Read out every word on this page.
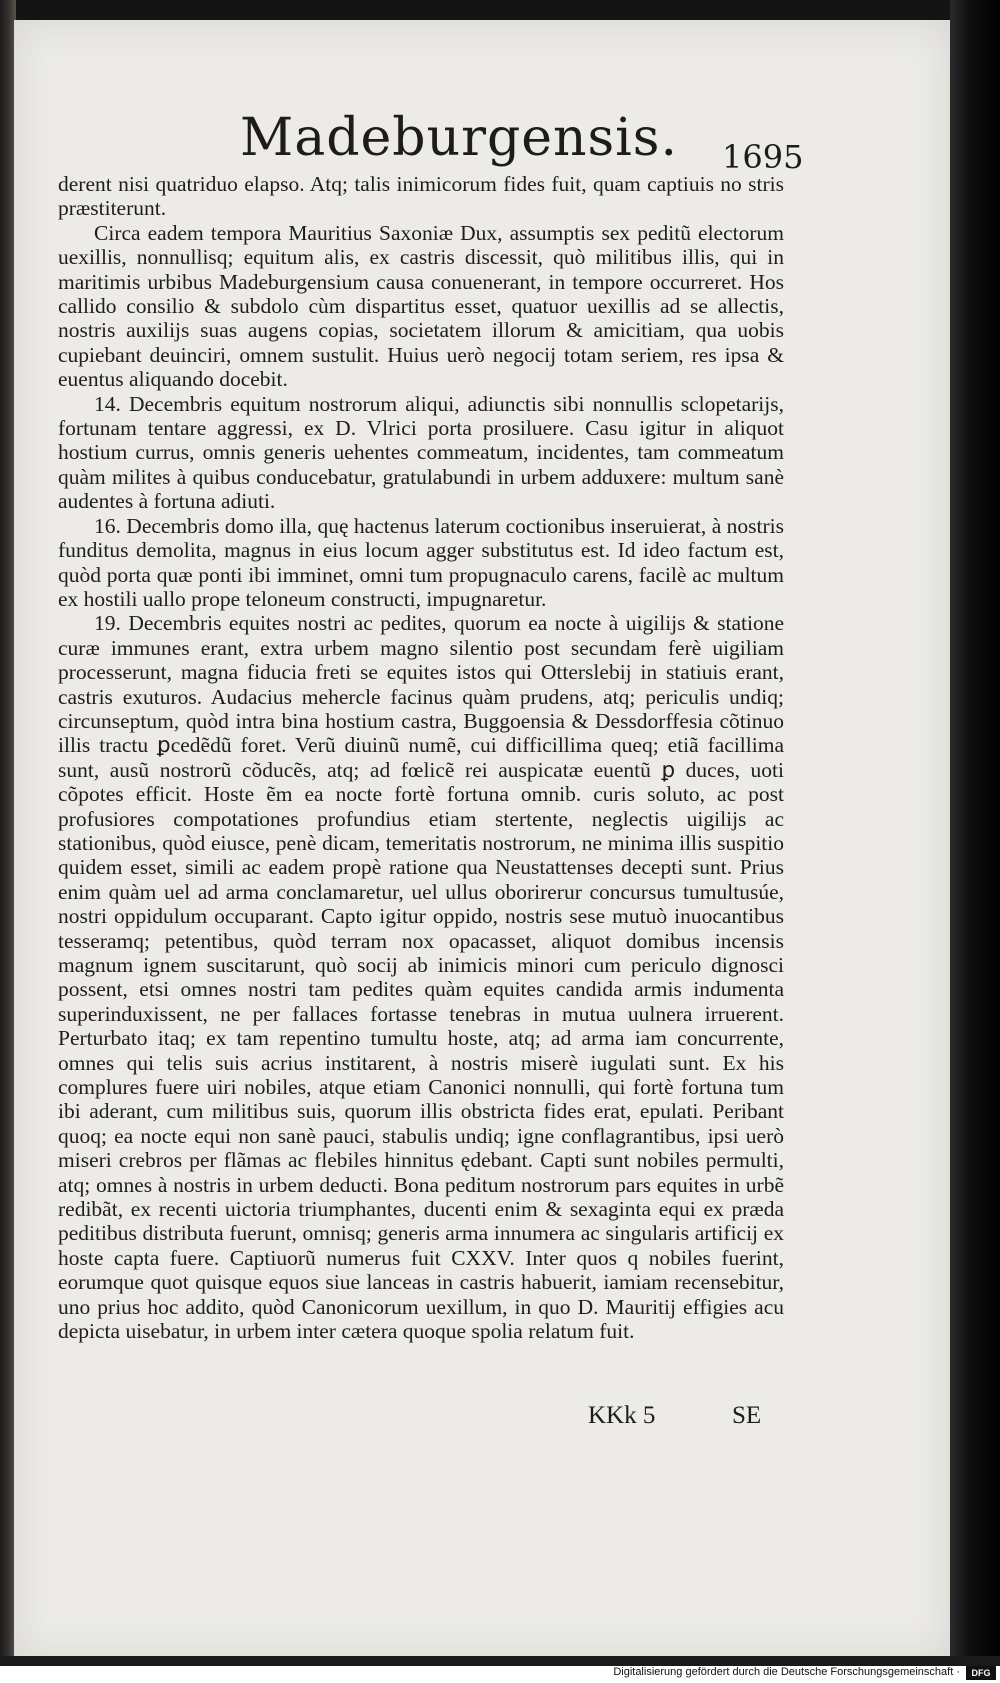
Madeburgensis. 1695

derent nisi quatriduo elapso. Atq; talis inimicorum fides fuit, quam captiuis no stris præstiterunt.

Circa eadem tempora Mauritius Saxoniæ Dux, assumptis sex peditũ electorum uexillis, nonnullisq; equitum alis, ex castris discessit, quò militibus illis, qui in maritimis urbibus Madeburgensium causa conuenerant, in tempore occurreret. Hos callido consilio & subdolo cùm dispartitus esset, quatuor uexillis ad se allectis, nostris auxilijs suas augens copias, societatem illorum & amicitiam, qua uobis cupiebant deuinciri, omnem sustulit. Huius uerò negocij totam seriem, res ipsa & euentus aliquando docebit.

14. Decembris equitum nostrorum aliqui, adiunctis sibi nonnullis sclopetarijs, fortunam tentare aggressi, ex D. Vlrici porta prosiluere. Casu igitur in aliquot hostium currus, omnis generis uehentes commeatum, incidentes, tam commeatum quàm milites à quibus conducebatur, gratulabundi in urbem adduxere: multum sanè audentes à fortuna adiuti.

16. Decembris domo illa, quę hactenus laterum coctionibus inseruierat, à nostris funditus demolita, magnus in eius locum agger substitutus est. Id ideo factum est, quòd porta quæ ponti ibi imminet, omni tum propugnaculo carens, facilè ac multum ex hostili uallo prope teloneum constructi, impugnaretur.

19. Decembris equites nostri ac pedites, quorum ea nocte à uigilijs & statione curæ immunes erant, extra urbem magno silentio post secundam ferè uigiliam processerunt, magna fiducia freti se equites istos qui Otterslebij in statiuis erant, castris exuturos. Audacius mehercle facinus quàm prudens, atq; periculis undiq; circunseptum, quòd intra bina hostium castra, Buggoensia & Dessdorffesia cõtinuo illis tractu ꝑcedẽdũ foret. Verũ diuinũ numẽ, cui difficillima queq; etiã facillima sunt, ausũ nostrorũ cõducẽs, atq; ad fœlicẽ rei auspicatæ euentũ ꝑ duces, uoti cõpotes efficit. Hoste ẽm ea nocte fortè fortuna omnib. curis soluto, ac post profusiores compotationes profundius etiam stertente, neglectis uigilijs ac stationibus, quòd eiusce, penè dicam, temeritatis nostrorum, ne minima illis suspitio quidem esset, simili ac eadem propè ratione qua Neustattenses decepti sunt. Prius enim quàm uel ad arma conclamaretur, uel ullus oborirerur concursus tumultusúe, nostri oppidulum occuparant. Capto igitur oppido, nostris sese mutuò inuocantibus tesseramq; petentibus, quòd terram nox opacasset, aliquot domibus incensis magnum ignem suscitarunt, quò socij ab inimicis minori cum periculo dignosci possent, etsi omnes nostri tam pedites quàm equites candida armis indumenta superinduxissent, ne per fallaces fortasse tenebras in mutua uulnera irruerent. Perturbato itaq; ex tam repentino tumultu hoste, atq; ad arma iam concurrente, omnes qui telis suis acrius institarent, à nostris miserè iugulati sunt. Ex his complures fuere uiri nobiles, atque etiam Canonici nonnulli, qui fortè fortuna tum ibi aderant, cum militibus suis, quorum illis obstricta fides erat, epulati. Peribant quoq; ea nocte equi non sanè pauci, stabulis undiq; igne conflagrantibus, ipsi uerò miseri crebros per flãmas ac flebiles hinnitus ędebant. Capti sunt nobiles permulti, atq; omnes à nostris in urbem deducti. Bona peditum nostrorum pars equites in urbẽ redibãt, ex recenti uictoria triumphantes, ducenti enim & sexaginta equi ex præda peditibus distributa fuerunt, omnisq; generis arma innumera ac singularis artificij ex hoste capta fuere. Captiuorũ numerus fuit CXXV. Inter quos q nobiles fuerint, eorumque quot quisque equos siue lanceas in castris habuerit, iamiam recensebitur, uno prius hoc addito, quòd Canonicorum uexillum, in quo D. Mauritij effigies acu depicta uisebatur, in urbem inter cætera quoque spolia relatum fuit.

KKk 5	SE
Digitalisierung gefördert durch die Deutsche Forschungsgemeinschaft ·	DFG
